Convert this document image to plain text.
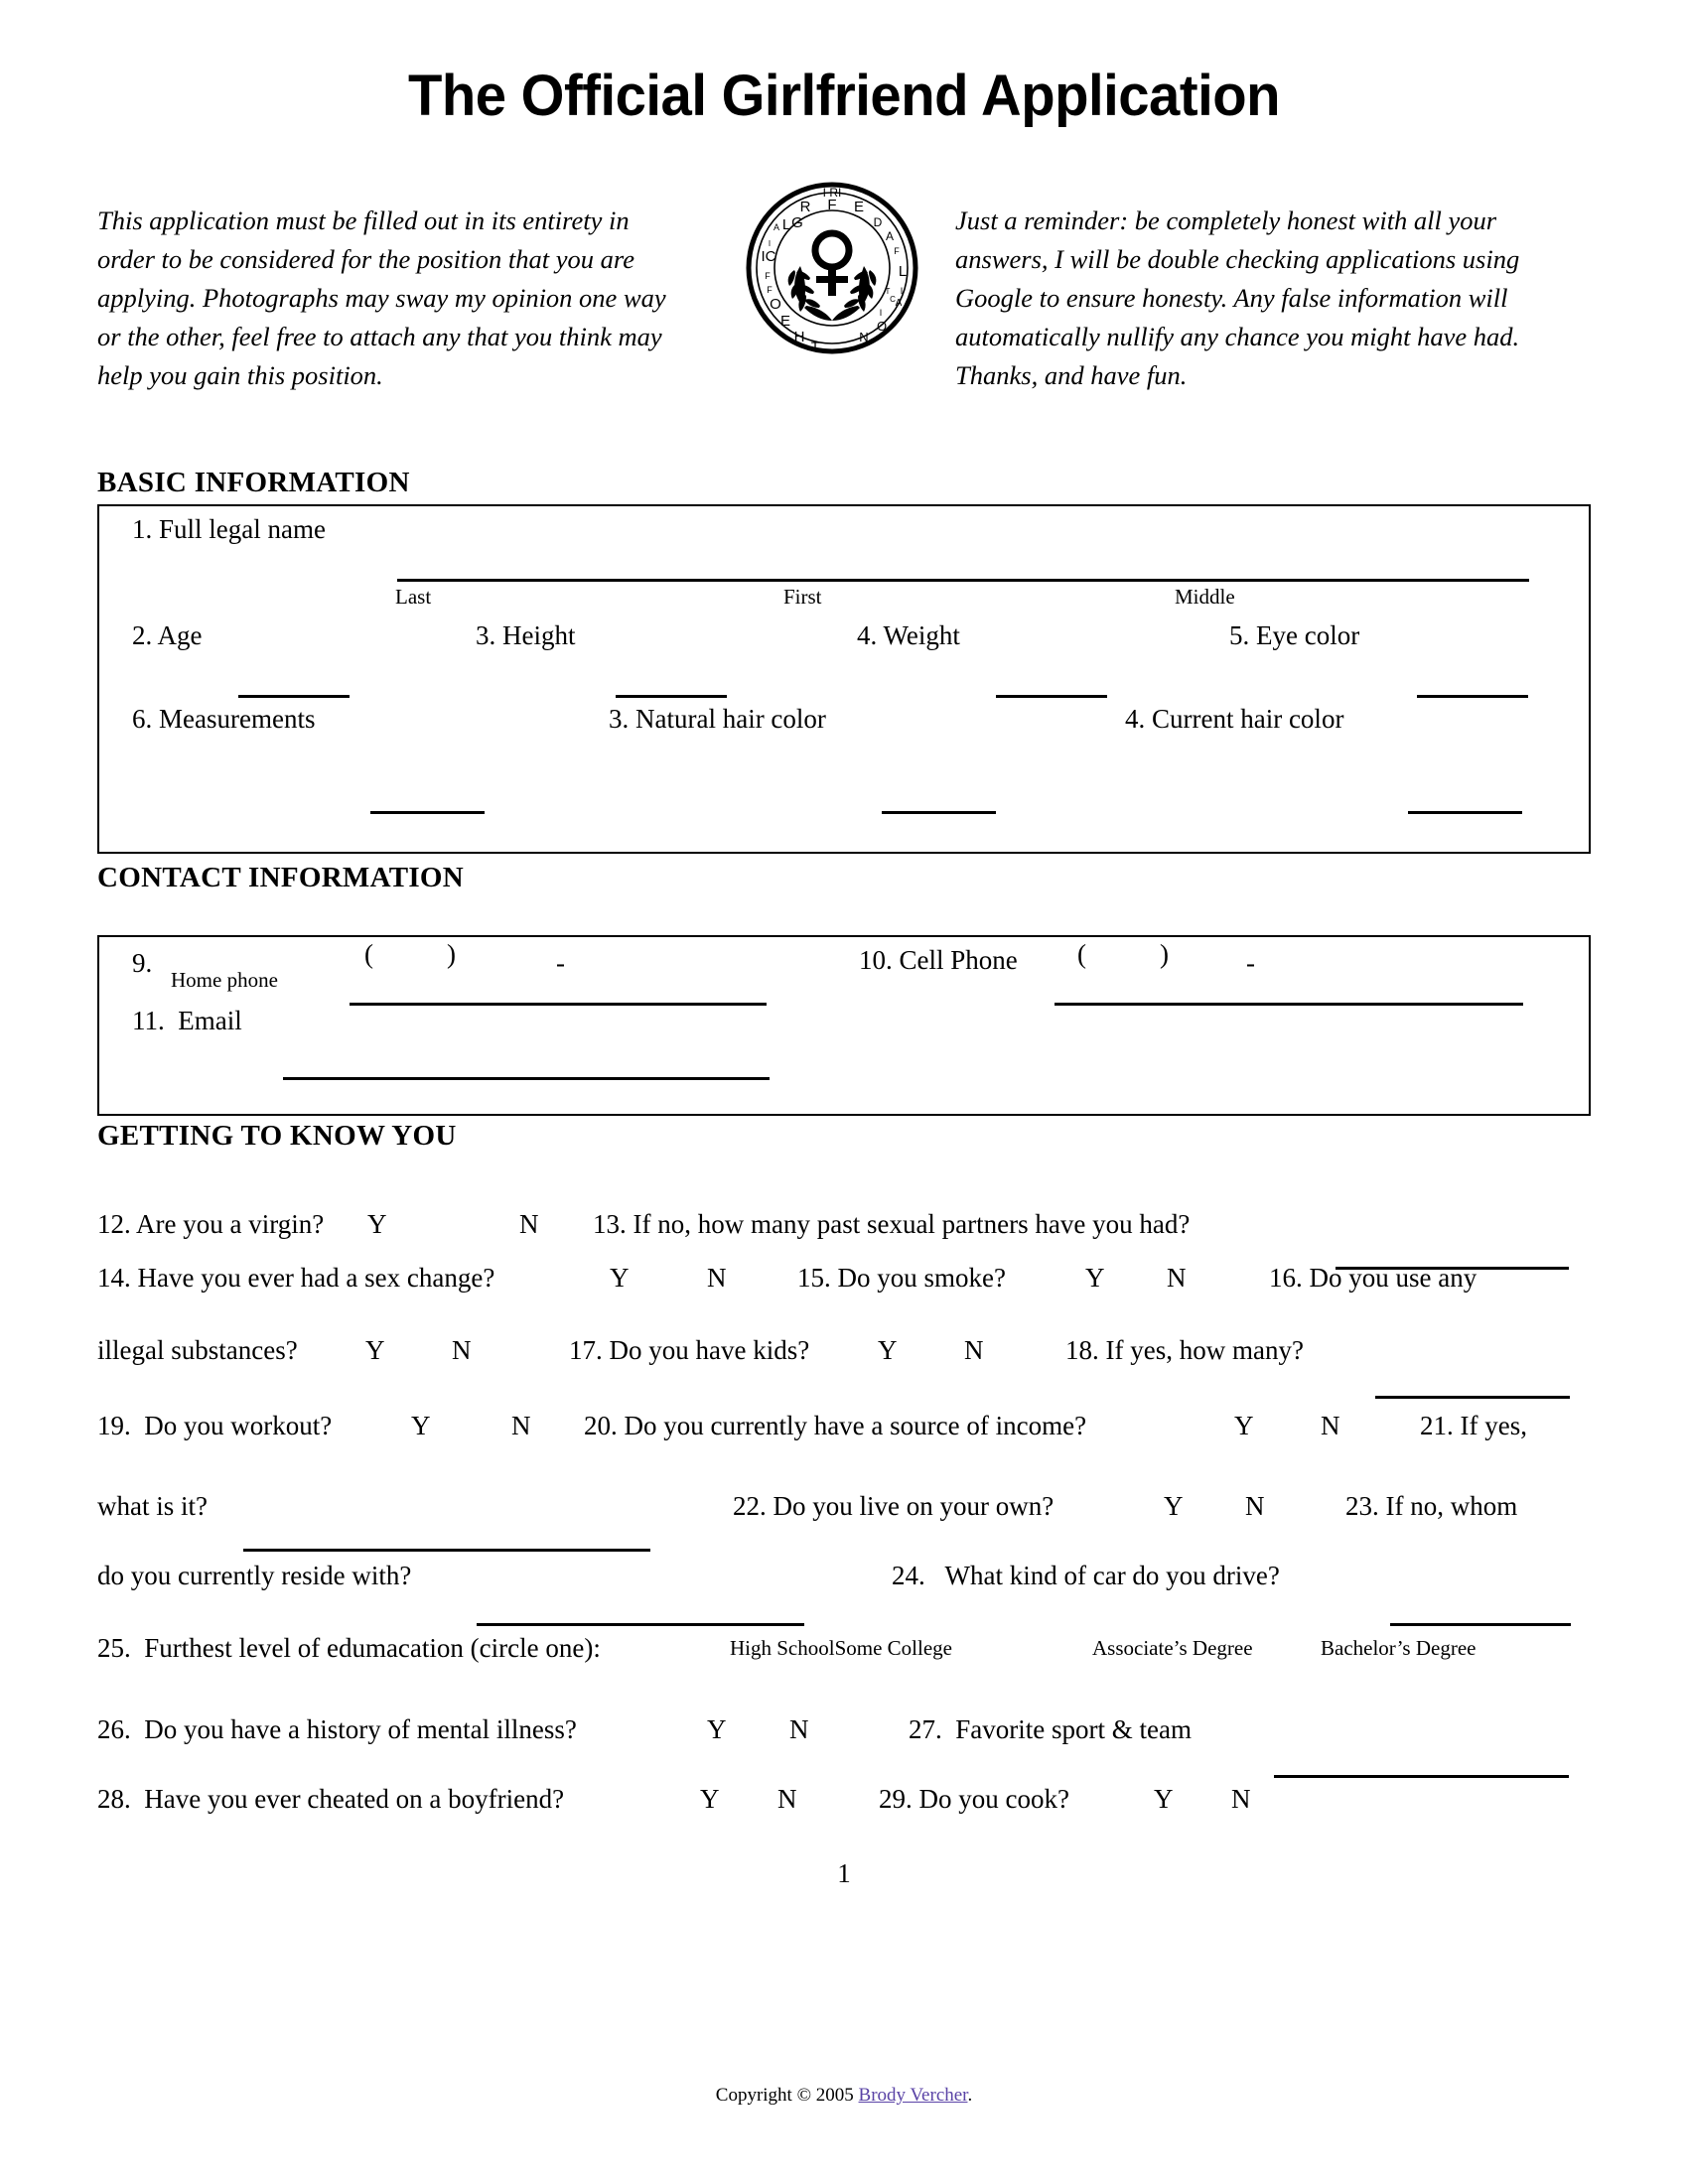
The Official Girlfriend Application
This application must be filled out in its entirety in order to be considered for the position that you are applying. Photographs may sway my opinion one way or the other, feel free to attach any that you think may help you gain this position.
I RI
R F E
D
A
F
L
I
A
C
T
I
O
N
T
H
E
O
F
F
IC
I
A L G	Just a reminder: be completely honest with all your answers, I will be double checking applications using Google to ensure honesty. Any false information will automatically nullify any chance you might have had. Thanks, and have fun.
BASIC INFORMATION
1. Full legal name
Last	First	Middle
2. Age	3. Height	4. Weight	5. Eye color
6. Measurements	3. Natural hair color	4. Current hair color
CONTACT INFORMATION
9.
Home phone
(	)	-	10. Cell Phone (	)	-
11.  Email
GETTING TO KNOW YOU
12. Are you a virgin? Y	N 13. If no, how many past sexual partners have you had?
14. Have you ever had a sex change?	Y	N	15. Do you smoke?	Y N	16. Do you use any
illegal substances?	Y	N	17. Do you have kids?	Y	N	18. If yes, how many?
19.  Do you workout?	Y	N 20. Do you currently have a source of income?	Y	N	21. If yes,
what is it?	22. Do you live on your own?	Y N	23. If no, whom
do you currently reside with?	24.   What kind of car do you drive?
25.  Furthest level of edumacation (circle one):	High SchoolSome College	Associate’s Degree	Bachelor’s Degree
26.  Do you have a history of mental illness?	Y N	27.  Favorite sport & team
28.  Have you ever cheated on a boyfriend?	Y N	29. Do you cook?	Y N
1
Copyright © 2005 Brody Vercher.
